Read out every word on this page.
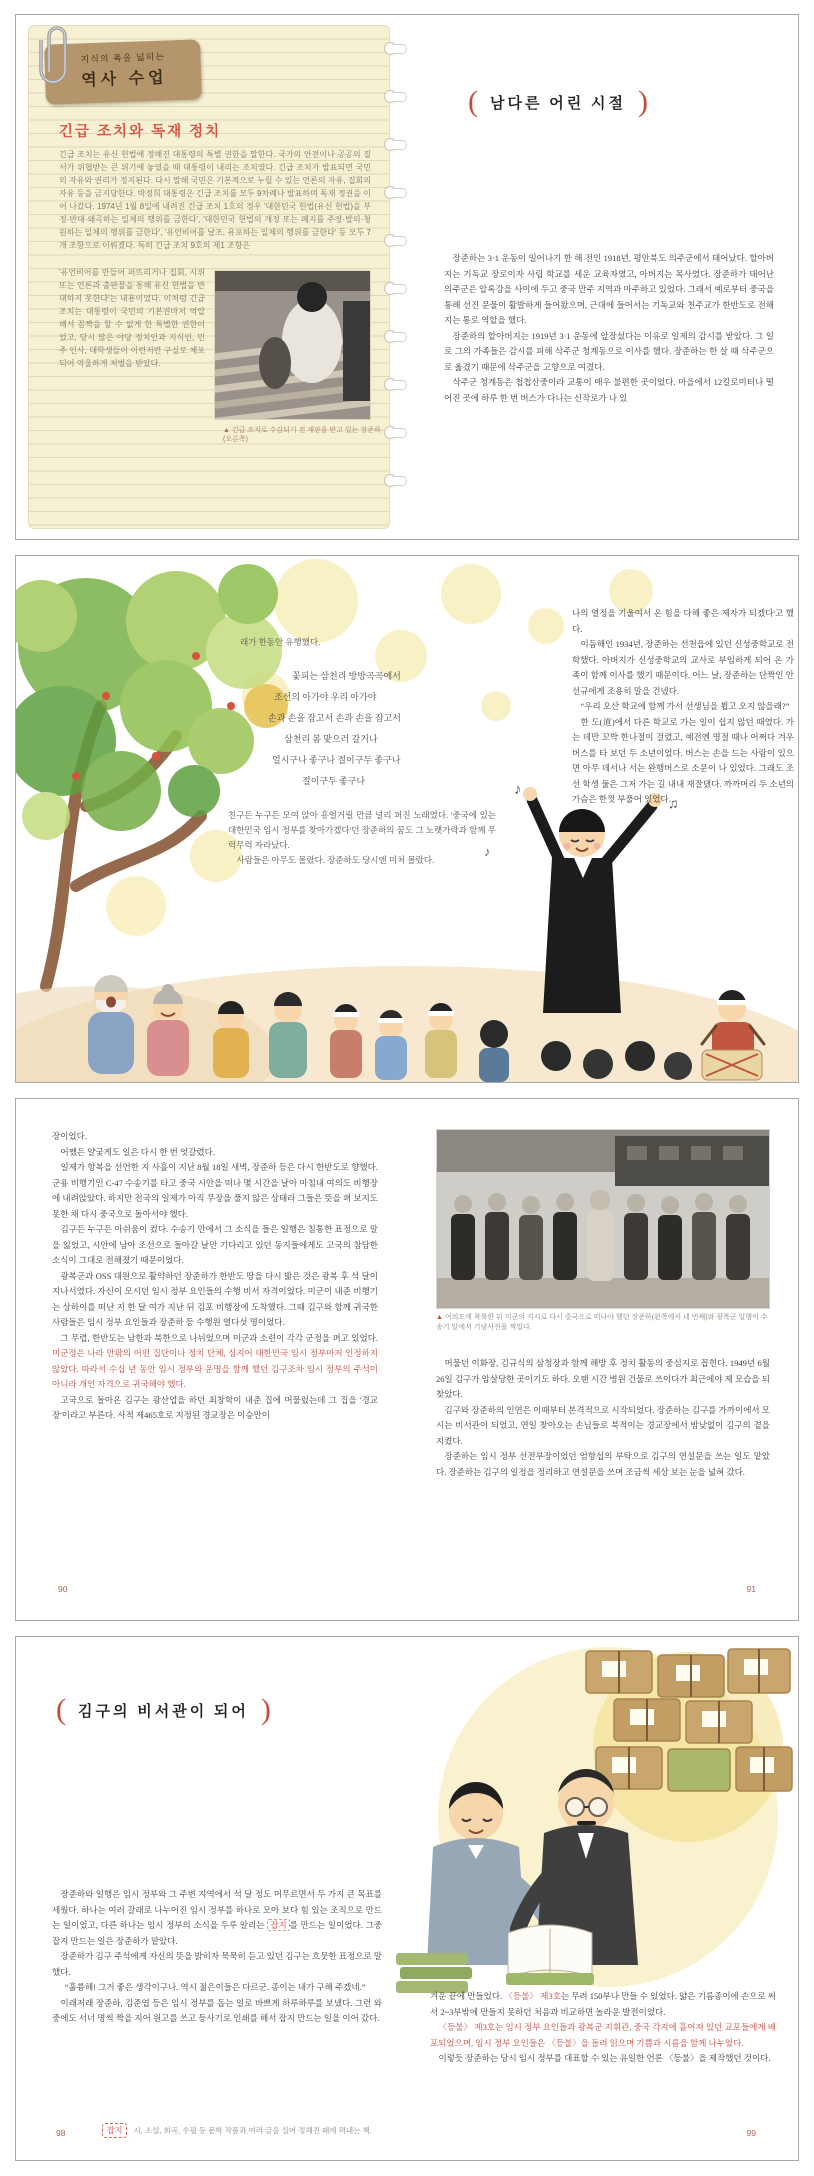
지식의 폭을 넓히는
역사 수업
긴급 조치와 독재 정치
긴급 조치는 유신 헌법에 정해진 대통령의 특별 권한을 말한다. 국가의 안전이나 공공의 질서가 위협받는 큰 위기에 놓였을 때 대통령이 내리는 조치였다. 긴급 조치가 발표되면 국민의 자유와 권리가 정지된다. 다시 말해 국민은 기본적으로 누릴 수 있는 언론의 자유, 집회의 자유 등을 금지당한다. 박정희 대통령은 긴급 조치를 모두 9차례나 발표하며 독재 정권을 이어 나갔다. 1974년 1월 8일에 내려진 긴급 조치 1호의 경우 '대한민국 헌법(유신 헌법)을 부정·반대·왜곡하는 일체의 행위를 금한다', '대한민국 헌법의 개정 또는 폐지를 주장·발의·청원하는 일체의 행위를 금한다', '유언비어를 날조, 유포하는 일체의 행위를 금한다' 등 모두 7개 조항으로 이뤄졌다. 특히 긴급 조치 9호의 제1 조항은
'유언비어를 만들어 퍼뜨리거나 집회, 시위 또는 언론과 출판물을 통해 유신 헌법을 반대하지 못한다'는 내용이었다. 이처럼 긴급 조치는 대통령이 국민의 기본권마저 억압해서 꼼짝을 할 수 없게 한 특별한 권한이었고, 당시 많은 야당 정치인과 지식인, 민주 인사, 대학생들이 이런저런 구실로 체포되어 억울하게 처벌을 받았다.
▲ 긴급 조치로 수감되기 전 재판을 받고 있는 장준하(오른쪽)
( 남다른 어린 시절 )

장준하는 3·1 운동이 일어나기 한 해 전인 1918년, 평안북도 의주군에서 태어났다. 할아버지는 기독교 장로이자 사립 학교를 세운 교육자였고, 아버지는 목사였다. 장준하가 태어난 의주군은 압록강을 사이에 두고 중국 만주 지역과 마주하고 있었다. 그래서 예로부터 중국을 통해 선진 문물이 활발하게 들어왔으며, 근대에 들어서는 기독교와 천주교가 한반도로 전해지는 통로 역할을 했다.

장준하의 할아버지는 1919년 3·1 운동에 앞장섰다는 이유로 일제의 감시를 받았다. 그 일로 그의 가족들은 감시를 피해 삭주군 청계동으로 이사를 했다. 장준하는 한 살 때 삭주군으로 옮겼기 때문에 삭주군을 고향으로 여겼다.

삭주군 청계동은 첩첩산중이라 교통이 매우 불편한 곳이었다. 마을에서 12킬로미터나 떨어진 곳에 하루 한 번 버스가 다니는 신작로가 나 있

♪
♫
♪
래가 한동안 유행했다.
꽃피는 삼천리 방방곡곡에서
조선의 아가야 우리 아가야
손과 손을 잡고서 손과 손을 잡고서
삼천리 봄 맞으러 갈거나
얼시구나 좋구나 절이구두 좋구나
절이구두 좋구나

친구든 누구든 모여 앉아 흥얼거릴 만큼 널리 퍼진 노래였다. '중국에 있는 대한민국 임시 정부를 찾아가겠다'던 장준하의 꿈도 그 노랫가락과 함께 무럭무럭 자라났다.

사람들은 아무도 몰랐다. 장준하도 당시엔 미처 몰랐다.

나의 열정을 기울여서 온 힘을 다해 좋은 제자가 되겠다'고 했다.

이듬해인 1934년, 장준하는 선천읍에 있던 신성중학교로 전학했다. 아버지가 신성중학교의 교사로 부임하게 되어 온 가족이 함께 이사를 했기 때문이다. 어느 날, 장준하는 단짝인 안선규에게 조용히 말을 건넸다.

“우리 오산 학교에 함께 가서 선생님을 뵙고 오지 않을래?”

한 도(道)에서 다른 학교로 가는 일이 쉽지 않던 때였다. 가는 데만 꼬박 한나절이 걸렸고, 예전엔 명절 때나 어쩌다 겨우 버스를 타 보던 두 소년이었다. 버스는 손을 드는 사람이 있으면 아무 데서나 서는 완행버스로 소문이 나 있었다. 그래도 조선 학생 둘은 그저 가는 길 내내 재잘댔다. 까까머리 두 소년의 가슴은 한껏 부풀어 있었다.

장이었다.

어쨌든 얄궂게도 일은 다시 한 번 엇갈렸다.

일제가 항복을 선언한 지 사흘이 지난 8월 18일 새벽, 장준하 등은 다시 한반도로 향했다. 군용 비행기인 C-47 수송기를 타고 중국 시안을 떠나 몇 시간을 날아 마침내 여의도 비행장에 내려앉았다. 하지만 전국의 일제가 아직 무장을 풀지 않은 상태라 그들은 뜻을 펴 보지도 못한 채 다시 중국으로 돌아서야 했다.

김구든 누구든 아쉬움이 컸다. 수송기 안에서 그 소식을 들은 일행은 침통한 표정으로 말을 잃었고, 시안에 남아 조선으로 돌아갈 날만 기다리고 있던 동지들에게도 고국의 참담한 소식이 그대로 전해졌기 때문이었다.

광복군과 OSS 대원으로 활약하던 장준하가 한반도 땅을 다시 밟은 것은 광복 후 석 달이 지나서였다. 자신이 모시던 임시 정부 요인들의 수행 비서 자격이었다. 미군이 내준 비행기는 상하이를 떠난 지 한 달 여가 지난 뒤 김포 비행장에 도착했다. 그때 김구와 함께 귀국한 사람들은 임시 정부 요인들과 장준하 등 수행원 열다섯 명이었다.

그 무렵, 한반도는 남한과 북한으로 나뉘었으며 미군과 소련이 각각 군정을 펴고 있었다. 미군정은 나라 안팎의 어떤 집단이나 정치 단체, 심지어 대한민국 임시 정부마저 인정하지 않았다. 따라서 수십 년 동안 임시 정부와 운명을 함께 했던 김구조차 임시 정부의 주석이 아니라 개인 자격으로 귀국해야 했다.

고국으로 돌아온 김구는 광산업을 하던 최창학이 내준 집에 머물렀는데 그 집을 '경교장'이라고 부른다. 사적 제465호로 지정된 경교장은 이승만이

▲ 여의도에 착륙한 뒤 미군의 지시로 다시 중국으로 떠나야 했던 장준하(왼쪽에서 네 번째)와 광복군 일행이 수송기 앞에서 기념사진을 찍었다.

머물던 이화장, 김규식의 삼청장과 함께 해방 후 정치 활동의 중심지로 꼽힌다. 1949년 6월 26일 김구가 암살당한 곳이기도 하다. 오랜 시간 병원 건물로 쓰이다가 최근에야 제 모습을 되찾았다.

김구와 장준하의 인연은 이때부터 본격적으로 시작되었다. 장준하는 김구를 가까이에서 모시는 비서관이 되었고, 연일 찾아오는 손님들로 북적이는 경교장에서 밤낮없이 김구의 곁을 지켰다.

장준하는 임시 정부 선전부장이었던 엄항섭의 부탁으로 김구의 연설문을 쓰는 일도 맡았다. 장준하는 김구의 일정을 정리하고 연설문을 쓰며 조금씩 세상 보는 눈을 넓혀 갔다.

90	91
( 김구의 비서관이 되어 )

장준하와 일행은 임시 정부와 그 주변 지역에서 석 달 정도 머무르면서 두 가지 큰 목표를 세웠다. 하나는 여러 갈래로 나누어진 임시 정부를 하나로 모아 보다 힘 있는 조직으로 만드는 일이었고, 다른 하나는 임시 정부의 소식을 두루 알리는 잡지 를 만드는 일이었다. 그중 잡지 만드는 일은 장준하가 맡았다.

장준하가 김구 주석에게 자신의 뜻을 밝히자 묵묵히 듣고 있던 김구는 흐뭇한 표정으로 말했다.

“훌륭해! 그거 좋은 생각이구나. 역시 젊은이들은 다르군. 종이는 내가 구해 주겠네.”

이래저래 장준하, 김준엽 등은 임시 정부를 돕는 일로 바쁘게 하루하루를 보냈다. 그런 와중에도 서너 명씩 짝을 지어 원고를 쓰고 등사기로 인쇄를 해서 잡지 만드는 일을 이어 갔다.

겨운 끝에 만들었다. 〈등불〉 제3호는 무려 150부나 만들 수 있었다. 얇은 기름종이에 손으로 써서 2~3부밖에 만들지 못하던 처음과 비교하면 놀라운 발전이었다.

〈등불〉 제3호는 임시 정부 요인들과 광복군 지휘관, 중국 각지에 흩어져 있던 교포들에게 배포되었으며, 임시 정부 요인들은 〈등불〉을 돌려 읽으며 기쁨과 시름을 함께 나누었다.

이렇듯 장준하는 당시 임시 정부를 대표할 수 있는 유일한 언론 〈등불〉을 제작했던 것이다.

98	잡지	시, 소설, 희곡, 수필 등 문학 작품과 여러 글을 실어 정해진 때에 펴내는 책.	99
